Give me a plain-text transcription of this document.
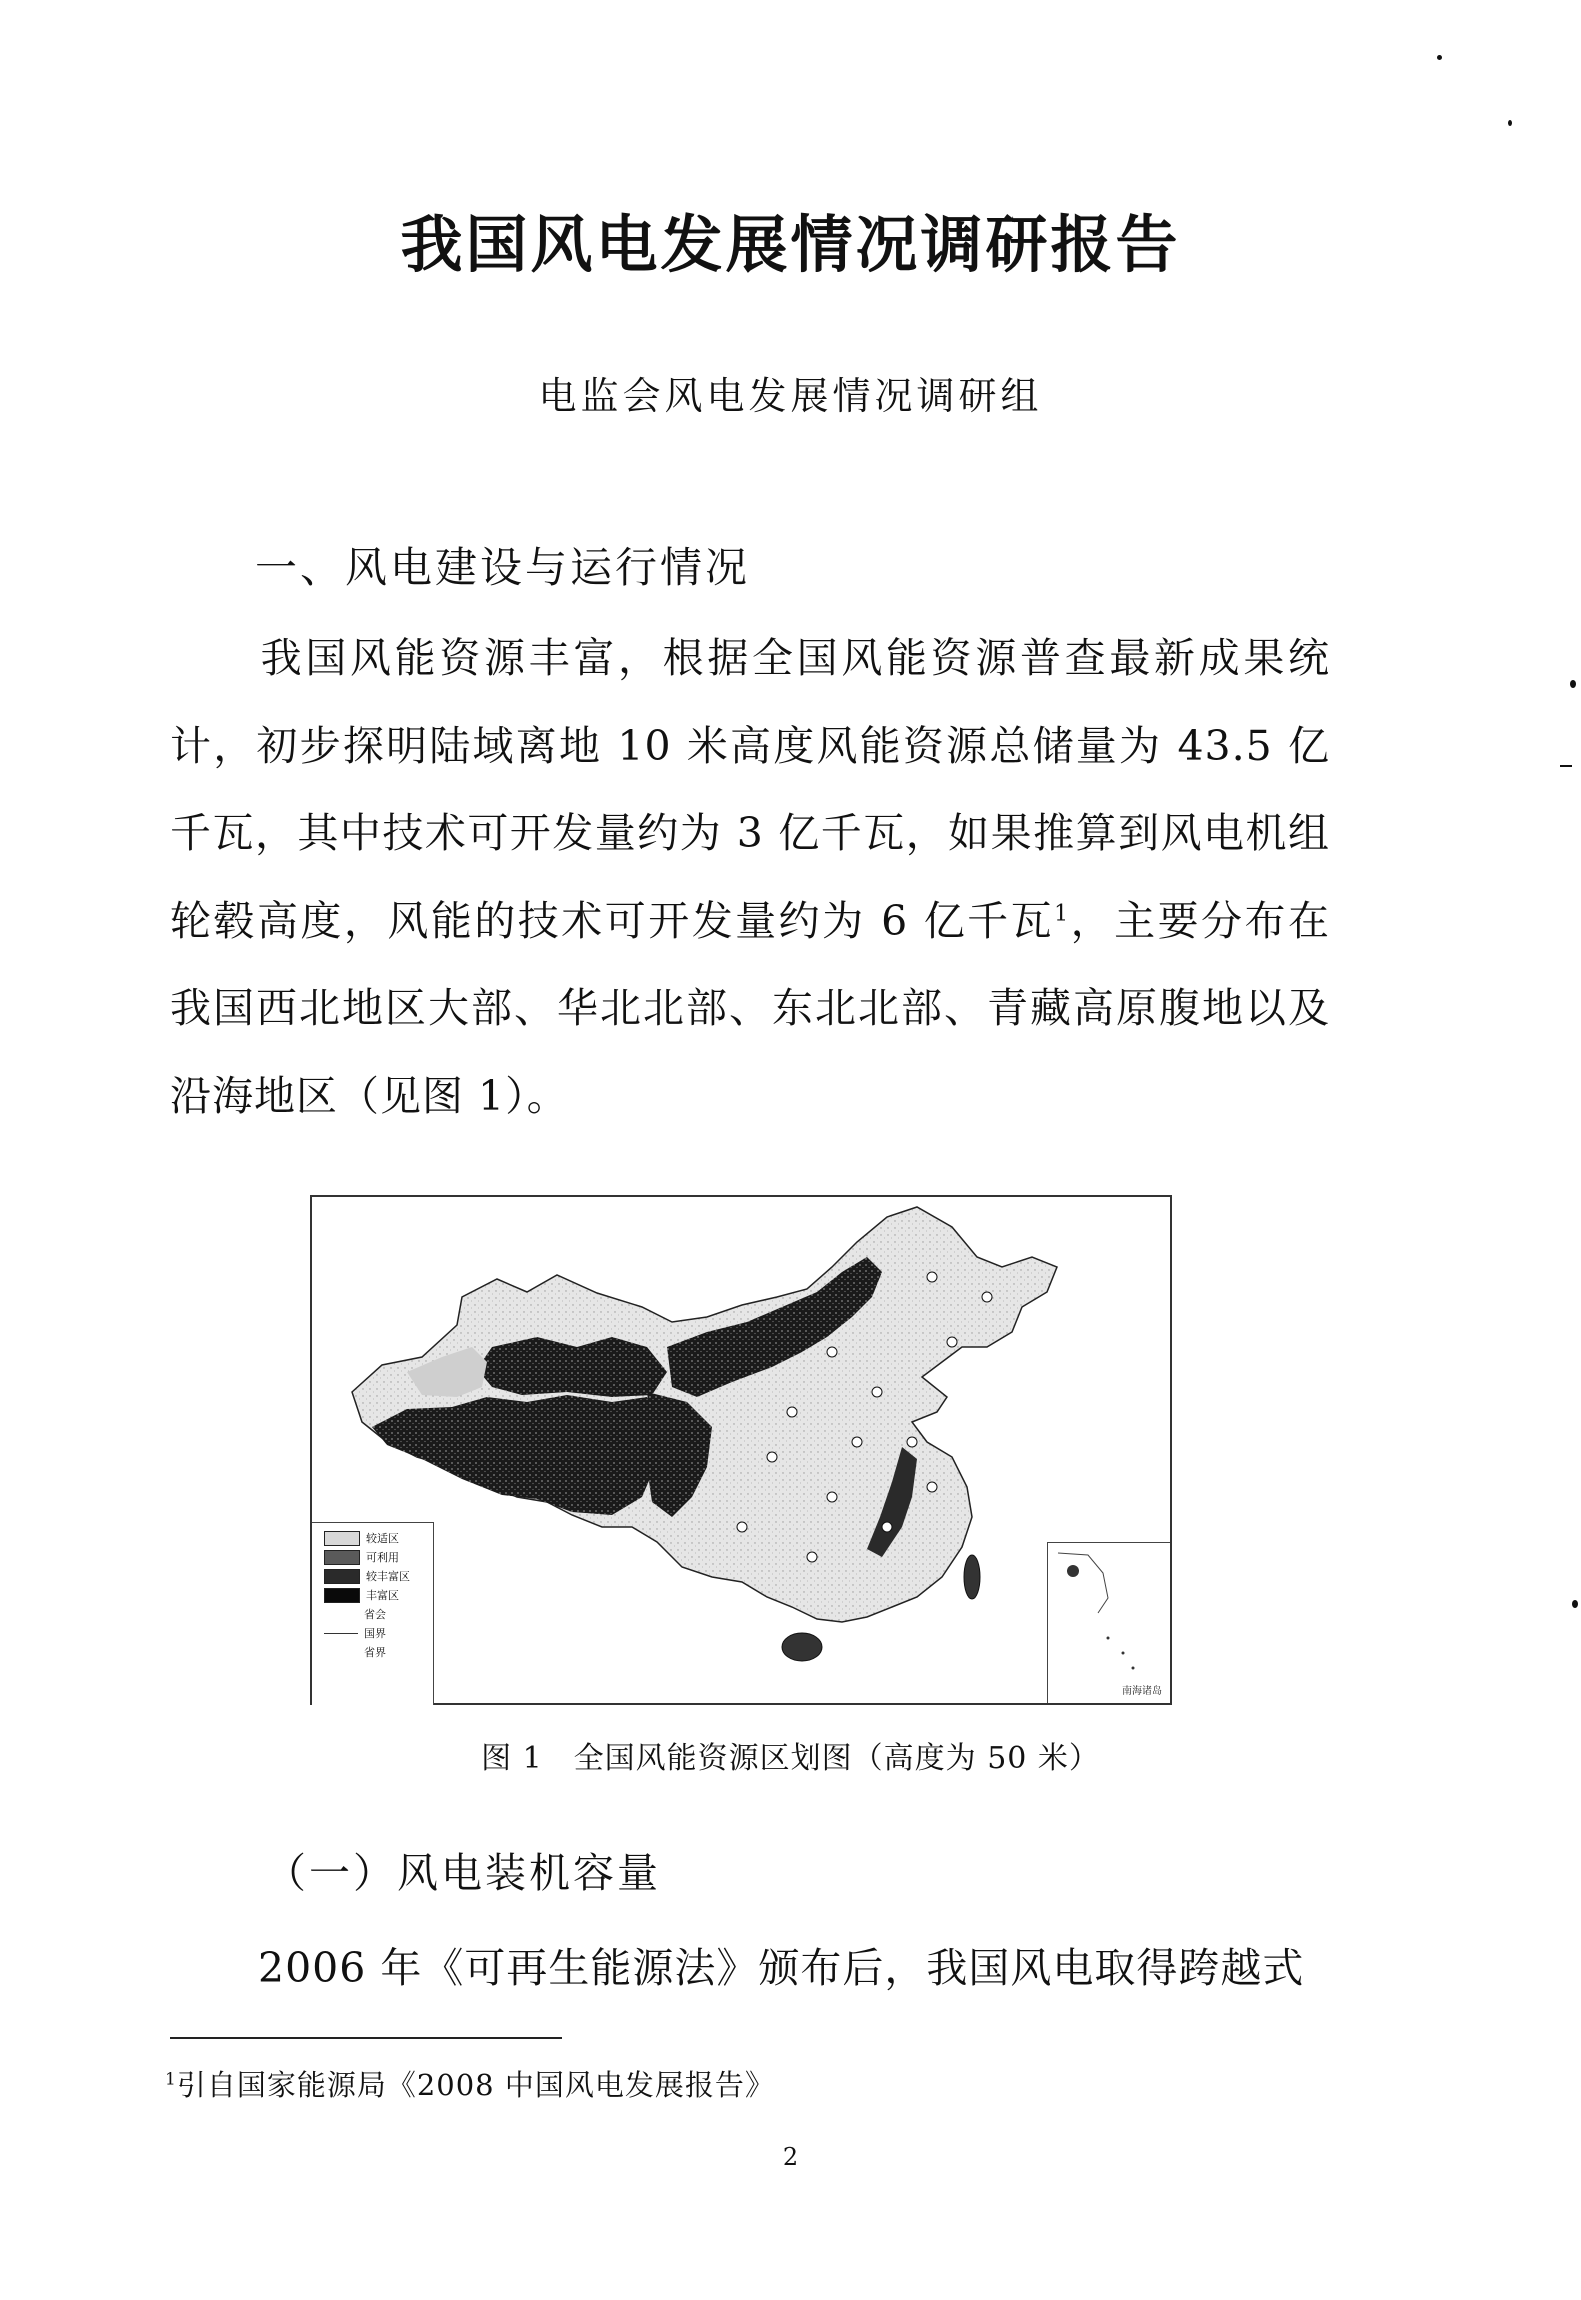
我国风电发展情况调研报告
电监会风电发展情况调研组
一、风电建设与运行情况
我国风能资源丰富，根据全国风能资源普查最新成果统计，初步探明陆域离地 10 米高度风能资源总储量为 43.5 亿千瓦，其中技术可开发量约为 3 亿千瓦，如果推算到风电机组轮毂高度，风能的技术可开发量约为 6 亿千瓦$^1$，主要分布在我国西北地区大部、华北北部、东北北部、青藏高原腹地以及沿海地区（见图 1）。
较适区
可利用
较丰富区
丰富区
省会
国界
省界
南海诸岛
图 1　全国风能资源区划图（高度为 50 米）
（一）风电装机容量
2006 年《可再生能源法》颁布后，我国风电取得跨越式
$^1$引自国家能源局《2008 中国风电发展报告》
2
